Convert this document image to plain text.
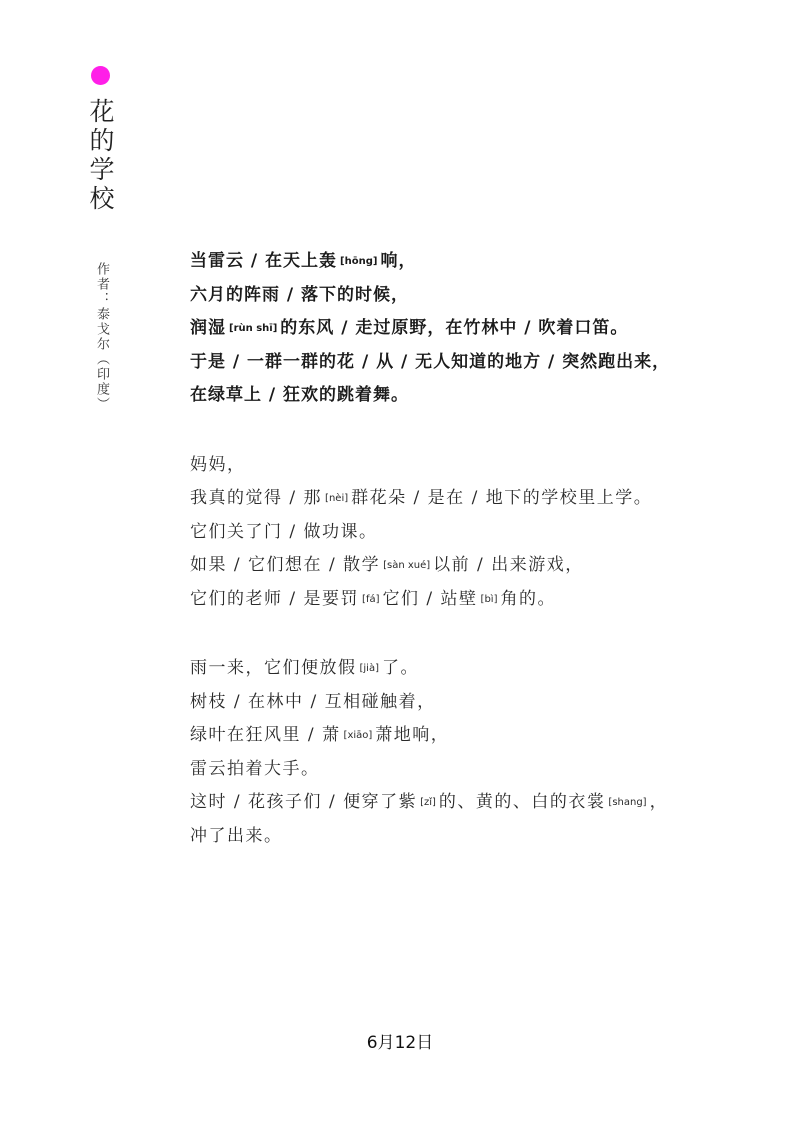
花的学校
作者：泰戈尔（印度）
当雷云 / 在天上轰 [hōng] 响，
六月的阵雨 / 落下的时候，
润湿 [rùn shī] 的东风 / 走过原野，在竹林中 / 吹着口笛。
于是 / 一群一群的花 / 从 / 无人知道的地方 / 突然跑出来，
在绿草上 / 狂欢的跳着舞。
妈妈，
我真的觉得 / 那 [nèi] 群花朵 / 是在 / 地下的学校里上学。
它们关了门 / 做功课。
如果 / 它们想在 / 散学 [sàn xué] 以前 / 出来游戏，
它们的老师 / 是要罚 [fá] 它们 / 站壁 [bì] 角的。
雨一来，它们便放假 [jià] 了。
树枝 / 在林中 / 互相碰触着，
绿叶在狂风里 / 萧 [xiāo] 萧地响，
雷云拍着大手。
这时 / 花孩子们 / 便穿了紫 [zǐ] 的、黄的、白的衣裳 [shang] ，
冲了出来。
6月12日
